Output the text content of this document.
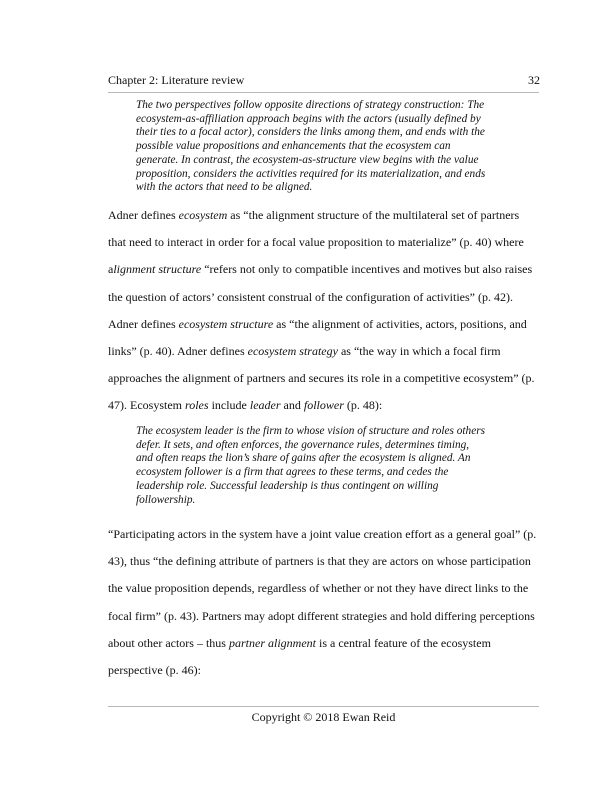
Chapter 2: Literature review	32
The two perspectives follow opposite directions of strategy construction: The
ecosystem-as-affiliation approach begins with the actors (usually defined by
their ties to a focal actor), considers the links among them, and ends with the
possible value propositions and enhancements that the ecosystem can
generate. In contrast, the ecosystem-as-structure view begins with the value
proposition, considers the activities required for its materialization, and ends
with the actors that need to be aligned.
Adner defines ecosystem as “the alignment structure of the multilateral set of partners
that need to interact in order for a focal value proposition to materialize” (p. 40) where
alignment structure “refers not only to compatible incentives and motives but also raises
the question of actors’ consistent construal of the configuration of activities” (p. 42).
Adner defines ecosystem structure as “the alignment of activities, actors, positions, and
links” (p. 40). Adner defines ecosystem strategy as “the way in which a focal firm
approaches the alignment of partners and secures its role in a competitive ecosystem” (p.
47). Ecosystem roles include leader and follower (p. 48):
The ecosystem leader is the firm to whose vision of structure and roles others
defer. It sets, and often enforces, the governance rules, determines timing,
and often reaps the lion’s share of gains after the ecosystem is aligned. An
ecosystem follower is a firm that agrees to these terms, and cedes the
leadership role. Successful leadership is thus contingent on willing
followership.
“Participating actors in the system have a joint value creation effort as a general goal” (p.
43), thus “the defining attribute of partners is that they are actors on whose participation
the value proposition depends, regardless of whether or not they have direct links to the
focal firm” (p. 43). Partners may adopt different strategies and hold differing perceptions
about other actors – thus partner alignment is a central feature of the ecosystem
perspective (p. 46):
Copyright © 2018 Ewan Reid
